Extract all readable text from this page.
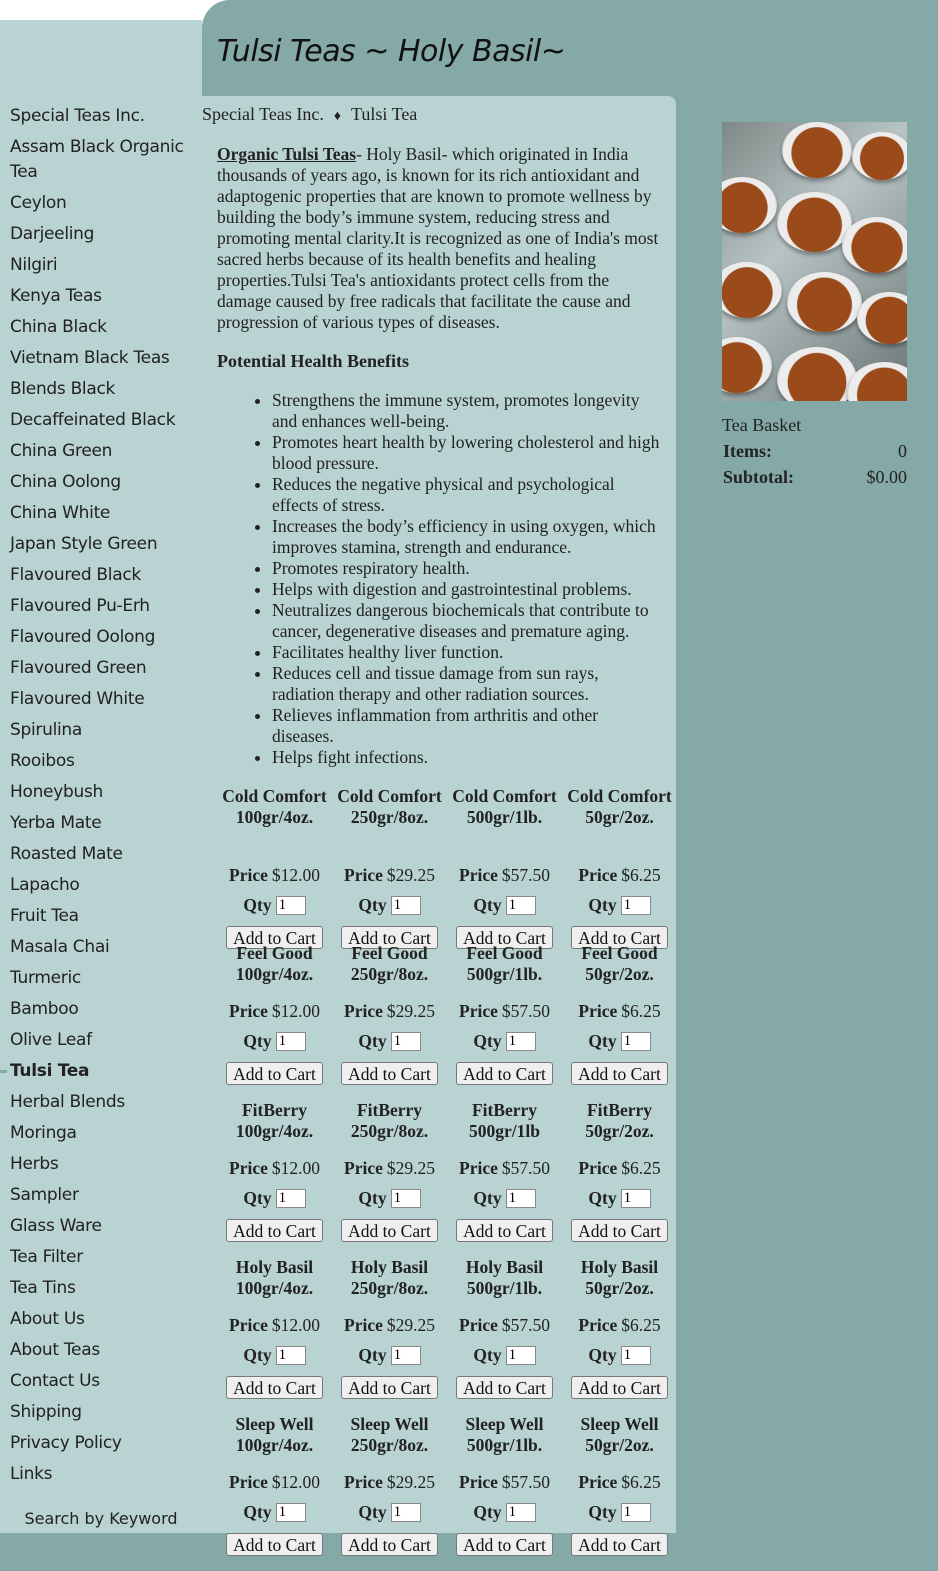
Tulsi Teas ~ Holy Basil~
Special Teas Inc.
Assam Black Organic Tea
Ceylon
Darjeeling
Nilgiri
Kenya Teas
China Black
Vietnam Black Teas
Blends Black
Decaffeinated Black
China Green
China Oolong
China White
Japan Style Green
Flavoured Black
Flavoured Pu-Erh
Flavoured Oolong
Flavoured Green
Flavoured White
Spirulina
Rooibos
Honeybush
Yerba Mate
Roasted Mate
Lapacho
Fruit Tea
Masala Chai
Turmeric
Bamboo
Olive Leaf
Tulsi Tea
Herbal Blends
Moringa
Herbs
Sampler
Glass Ware
Tea Filter
Tea Tins
About Us
About Teas
Contact Us
Shipping
Privacy Policy
Links
Search by Keyword
Special Teas Inc. ♦ Tulsi Tea

Organic Tulsi Teas- Holy Basil- which originated in India thousands of years ago, is known for its rich antioxidant and adaptogenic properties that are known to promote wellness by building the body’s immune system, reducing stress and promoting mental clarity.It is recognized as one of India's most sacred herbs because of its health benefits and healing properties.Tulsi Tea's antioxidants protect cells from the damage caused by free radicals that facilitate the cause and progression of various types of diseases.

Potential Health Benefits
• Strengthens the immune system, promotes longevity and enhances well-being.
• Promotes heart health by lowering cholesterol and high blood pressure.
• Reduces the negative physical and psychological effects of stress.
• Increases the body’s efficiency in using oxygen, which improves stamina, strength and endurance.
• Promotes respiratory health.
• Helps with digestion and gastrointestinal problems.
• Neutralizes dangerous biochemicals that contribute to cancer, degenerative diseases and premature aging.
• Facilitates healthy liver function.
• Reduces cell and tissue damage from sun rays, radiation therapy and other radiation sources.
• Relieves inflammation from arthritis and other diseases.
• Helps fight infections.
Cold Comfort 100gr/4oz.
Price $12.00
Qty
1
Add to Cart
Cold Comfort 250gr/8oz.
Price $29.25
Qty
1
Add to Cart
Cold Comfort 500gr/1lb.
Price $57.50
Qty
1
Add to Cart
Cold Comfort 50gr/2oz.
Price $6.25
Qty
1
Add to Cart
Feel Good 100gr/4oz.
Price $12.00
Qty
1
Add to Cart
Feel Good 250gr/8oz.
Price $29.25
Qty
1
Add to Cart
Feel Good 500gr/1lb.
Price $57.50
Qty
1
Add to Cart
Feel Good 50gr/2oz.
Price $6.25
Qty
1
Add to Cart
FitBerry 100gr/4oz.
Price $12.00
Qty
1
Add to Cart
FitBerry 250gr/8oz.
Price $29.25
Qty
1
Add to Cart
FitBerry 500gr/1lb
Price $57.50
Qty
1
Add to Cart
FitBerry 50gr/2oz.
Price $6.25
Qty
1
Add to Cart
Holy Basil 100gr/4oz.
Price $12.00
Qty
1
Add to Cart
Holy Basil 250gr/8oz.
Price $29.25
Qty
1
Add to Cart
Holy Basil 500gr/1lb.
Price $57.50
Qty
1
Add to Cart
Holy Basil 50gr/2oz.
Price $6.25
Qty
1
Add to Cart
Sleep Well 100gr/4oz.
Price $12.00
Qty
1
Add to Cart
Sleep Well 250gr/8oz.
Price $29.25
Qty
1
Add to Cart
Sleep Well 500gr/1lb.
Price $57.50
Qty
1
Add to Cart
Sleep Well 50gr/2oz.
Price $6.25
Qty
1
Add to Cart
Tea Basket
Items:	0
Subtotal:	$0.00
